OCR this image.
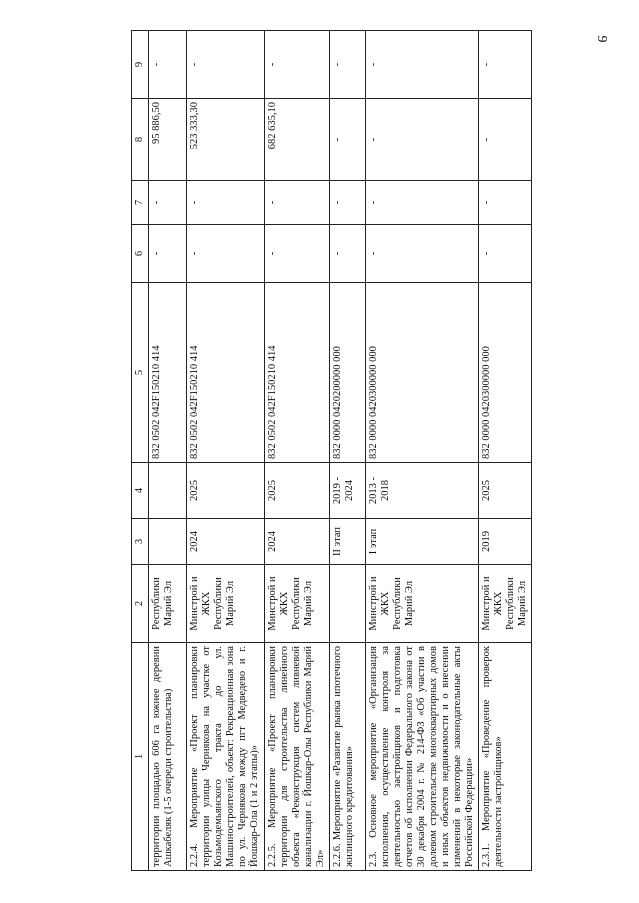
9
1	2	3	4	5	6	7	8	9
территории площадью 606 га южнее деревни Ашкабеляк (1-5 очереди строительства)	Республики Марий Эл			832 0502 042F150210 414	-	-	95 886,50	-
2.2.4. Мероприятие «Проект планировки территории улицы Чернякова на участке от Козьмодемьянского тракта до ул. Машиностроителей, объект: Рекреационная зона по ул. Чернякова между пгт Медведево и г. Йошкар-Ола (1 и 2 этапы)»	Минстрой и ЖКХ Республики Марий Эл	2024	2025	832 0502 042F150210 414	-	-	523 333,30	-
2.2.5. Мероприятие «Проект планировки территории для строительства линейного объекта «Реконструкция систем ливневой канализации г. Йошкар-Олы Республики Марий Эл»	Минстрой и ЖКХ Республики Марий Эл	2024	2025	832 0502 042F150210 414	-	-	682 635,10	-
2.2.6. Мероприятие «Развитие рынка ипотечного жилищного кредитования»		II этап	2019 - 2024	832 0000 0420200000 000	-	-	-	-
2.3. Основное мероприятие «Организация исполнения, осуществление контроля за деятельностью застройщиков и подготовка отчетов об исполнении Федерального закона от 30 декабря 2004 г. № 214-ФЗ «Об участии в долевом строительстве многоквартирных домов и иных объектов недвижимости и о внесении изменений в некоторые законодательные акты Российской Федерации»	Минстрой и ЖКХ Республики Марий Эл	I этап	2013 - 2018	832 0000 0420300000 000	-	-	-	-
2.3.1. Мероприятие «Проведение проверок деятельности застройщиков»	Минстрой и ЖКХ Республики Марий Эл	2019	2025	832 0000 0420300000 000	-	-	-	-
